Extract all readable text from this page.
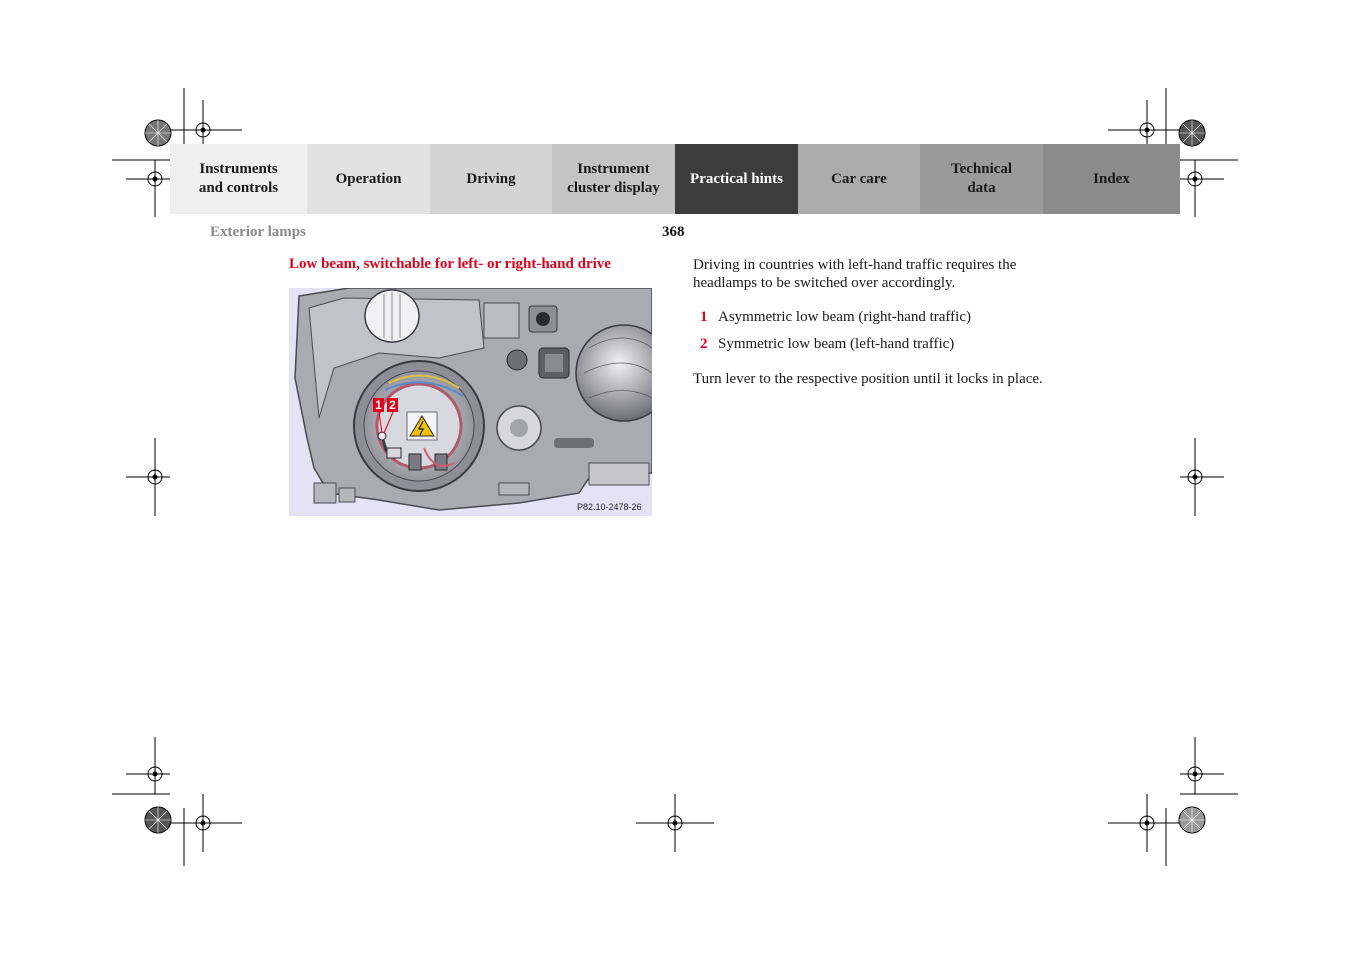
Instruments
and controls
Operation	Driving
Instrument
cluster display
Practical hints	Car care
Technical
data
Index
Exterior lamps	368
Low beam, switchable for left- or right-hand drive
1 2
P82.10-2478-26

Driving in countries with left-hand traffic requires the headlamps to be switched over accordingly.

1 Asymmetric low beam (right-hand traffic)
2 Symmetric low beam (left-hand traffic)

Turn lever to the respective position until it locks in place.
